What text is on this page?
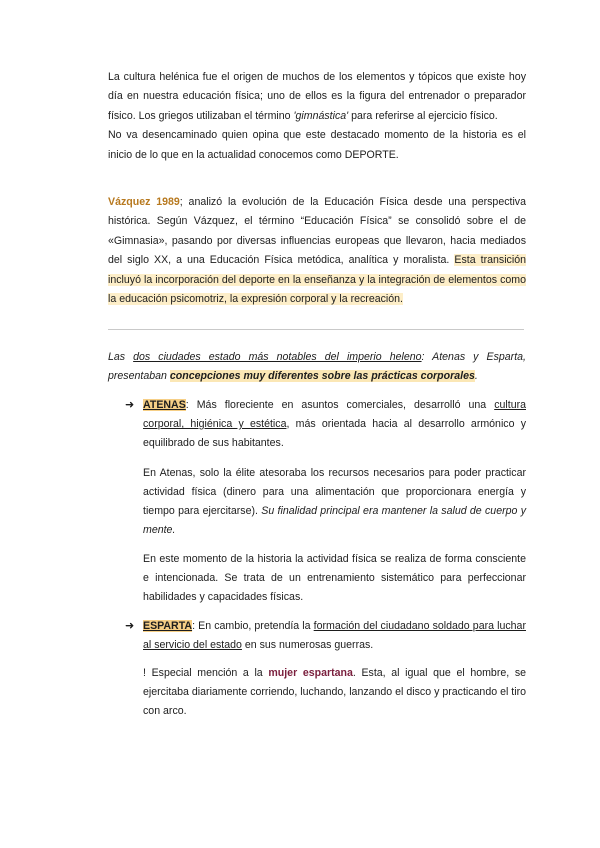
La cultura helénica fue el origen de muchos de los elementos y tópicos que existe hoy día en nuestra educación física; uno de ellos es la figura del entrenador o preparador físico. Los griegos utilizaban el término 'gimnástica' para referirse al ejercicio físico.
No va desencaminado quien opina que este destacado momento de la historia es el inicio de lo que en la actualidad conocemos como DEPORTE.

Vázquez 1989; analizó la evolución de la Educación Física desde una perspectiva histórica. Según Vázquez, el término “Educación Física” se consolidó sobre el de «Gimnasia», pasando por diversas influencias europeas que llevaron, hacia mediados del siglo XX, a una Educación Física metódica, analítica y moralista. Esta transición incluyó la incorporación del deporte en la enseñanza y la integración de elementos como la educación psicomotriz, la expresión corporal y la recreación.

Las dos ciudades estado más notables del imperio heleno: Atenas y Esparta, presentaban concepciones muy diferentes sobre las prácticas corporales.

➜ ATENAS: Más floreciente en asuntos comerciales, desarrolló una cultura corporal, higiénica y estética, más orientada hacia al desarrollo armónico y equilibrado de sus habitantes.

En Atenas, solo la élite atesoraba los recursos necesarios para poder practicar actividad física (dinero para una alimentación que proporcionara energía y tiempo para ejercitarse). Su finalidad principal era mantener la salud de cuerpo y mente.

En este momento de la historia la actividad física se realiza de forma consciente e intencionada. Se trata de un entrenamiento sistemático para perfeccionar habilidades y capacidades físicas.

➜ ESPARTA: En cambio, pretendía la formación del ciudadano soldado para luchar al servicio del estado en sus numerosas guerras.

! Especial mención a la mujer espartana. Esta, al igual que el hombre, se ejercitaba diariamente corriendo, luchando, lanzando el disco y practicando el tiro con arco.
